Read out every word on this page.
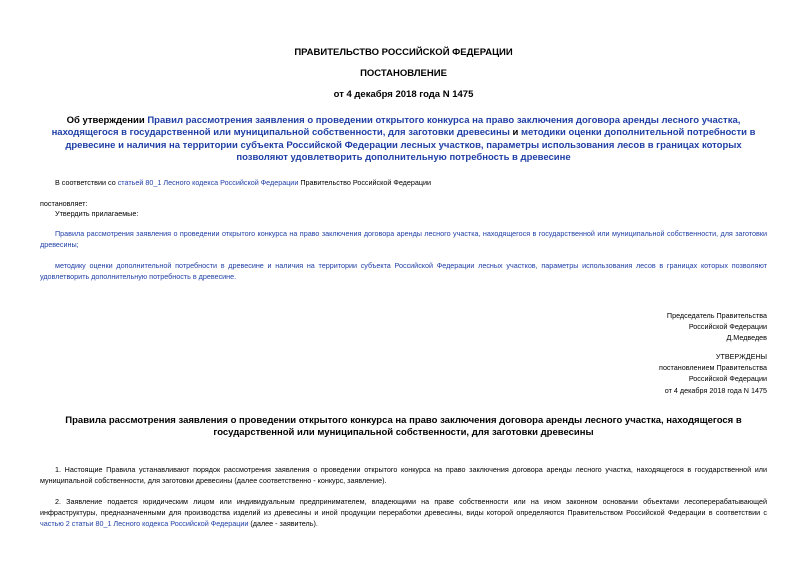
ПРАВИТЕЛЬСТВО РОССИЙСКОЙ ФЕДЕРАЦИИ
ПОСТАНОВЛЕНИЕ
от 4 декабря 2018 года N 1475
Об утверждении Правил рассмотрения заявления о проведении открытого конкурса на право заключения договора аренды лесного участка, находящегося в государственной или муниципальной собственности, для заготовки древесины и методики оценки дополнительной потребности в древесине и наличия на территории субъекта Российской Федерации лесных участков, параметры использования лесов в границах которых позволяют удовлетворить дополнительную потребность в древесине
В соответствии со статьей 80_1 Лесного кодекса Российской Федерации Правительство Российской Федерации
постановляет:
Утвердить прилагаемые:
Правила рассмотрения заявления о проведении открытого конкурса на право заключения договора аренды лесного участка, находящегося в государственной или муниципальной собственности, для заготовки древесины;
методику оценки дополнительной потребности в древесине и наличия на территории субъекта Российской Федерации лесных участков, параметры использования лесов в границах которых позволяют удовлетворить дополнительную потребность в древесине.
Председатель Правительства
Российской Федерации
Д.Медведев
УТВЕРЖДЕНЫ
постановлением Правительства
Российской Федерации
от 4 декабря 2018 года N 1475
Правила рассмотрения заявления о проведении открытого конкурса на право заключения договора аренды лесного участка, находящегося в государственной или муниципальной собственности, для заготовки древесины
1. Настоящие Правила устанавливают порядок рассмотрения заявления о проведении открытого конкурса на право заключения договора аренды лесного участка, находящегося в государственной или муниципальной собственности, для заготовки древесины (далее соответственно - конкурс, заявление).
2. Заявление подается юридическим лицом или индивидуальным предпринимателем, владеющими на праве собственности или на ином законном основании объектами лесоперерабатывающей инфраструктуры, предназначенными для производства изделий из древесины и иной продукции переработки древесины, виды которой определяются Правительством Российской Федерации в соответствии с частью 2 статьи 80_1 Лесного кодекса Российской Федерации (далее - заявитель).
